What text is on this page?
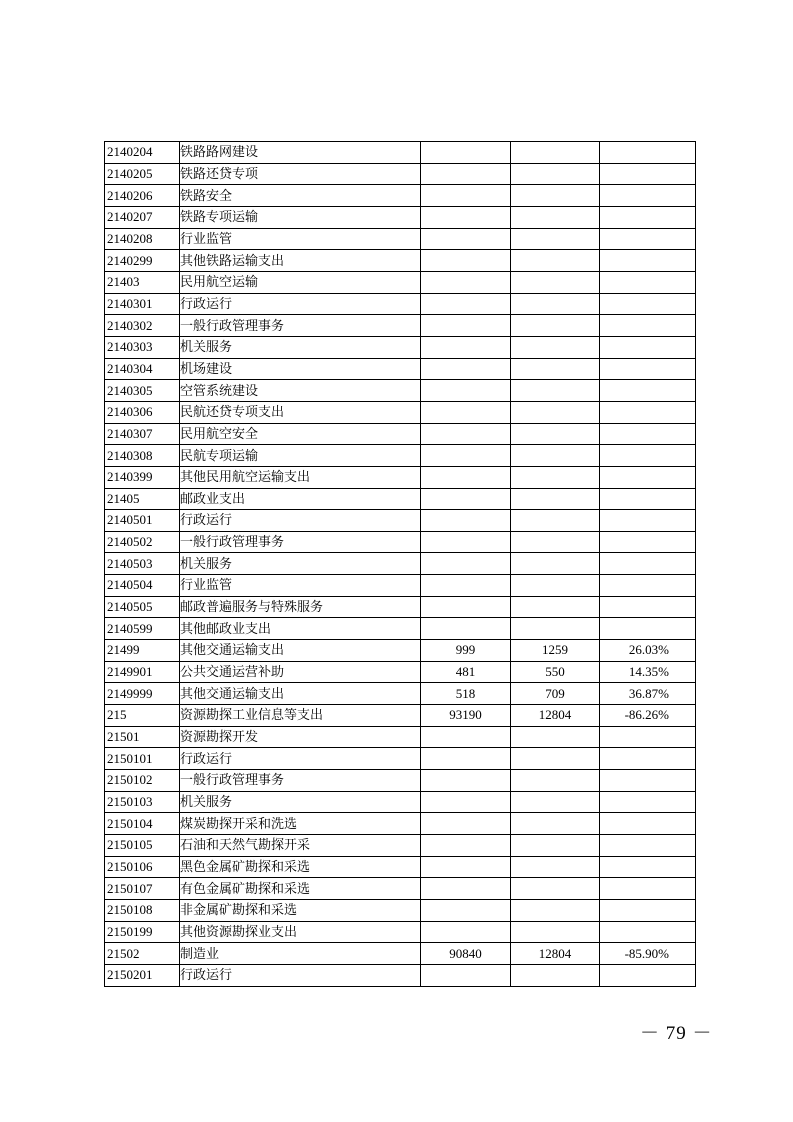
2140204	铁路路网建设			
2140205	铁路还贷专项			
2140206	铁路安全			
2140207	铁路专项运输			
2140208	行业监管			
2140299	其他铁路运输支出			
21403	民用航空运输			
2140301	行政运行			
2140302	一般行政管理事务			
2140303	机关服务			
2140304	机场建设			
2140305	空管系统建设			
2140306	民航还贷专项支出			
2140307	民用航空安全			
2140308	民航专项运输			
2140399	其他民用航空运输支出			
21405	邮政业支出			
2140501	行政运行			
2140502	一般行政管理事务			
2140503	机关服务			
2140504	行业监管			
2140505	邮政普遍服务与特殊服务			
2140599	其他邮政业支出			
21499	其他交通运输支出	999	1259	26.03%
2149901	公共交通运营补助	481	550	14.35%
2149999	其他交通运输支出	518	709	36.87%
215	资源勘探工业信息等支出	93190	12804	-86.26%
21501	资源勘探开发			
2150101	行政运行			
2150102	一般行政管理事务			
2150103	机关服务			
2150104	煤炭勘探开采和洗选			
2150105	石油和天然气勘探开采			
2150106	黑色金属矿勘探和采选			
2150107	有色金属矿勘探和采选			
2150108	非金属矿勘探和采选			
2150199	其他资源勘探业支出			
21502	制造业	90840	12804	-85.90%
2150201	行政运行			
－ 79 －
